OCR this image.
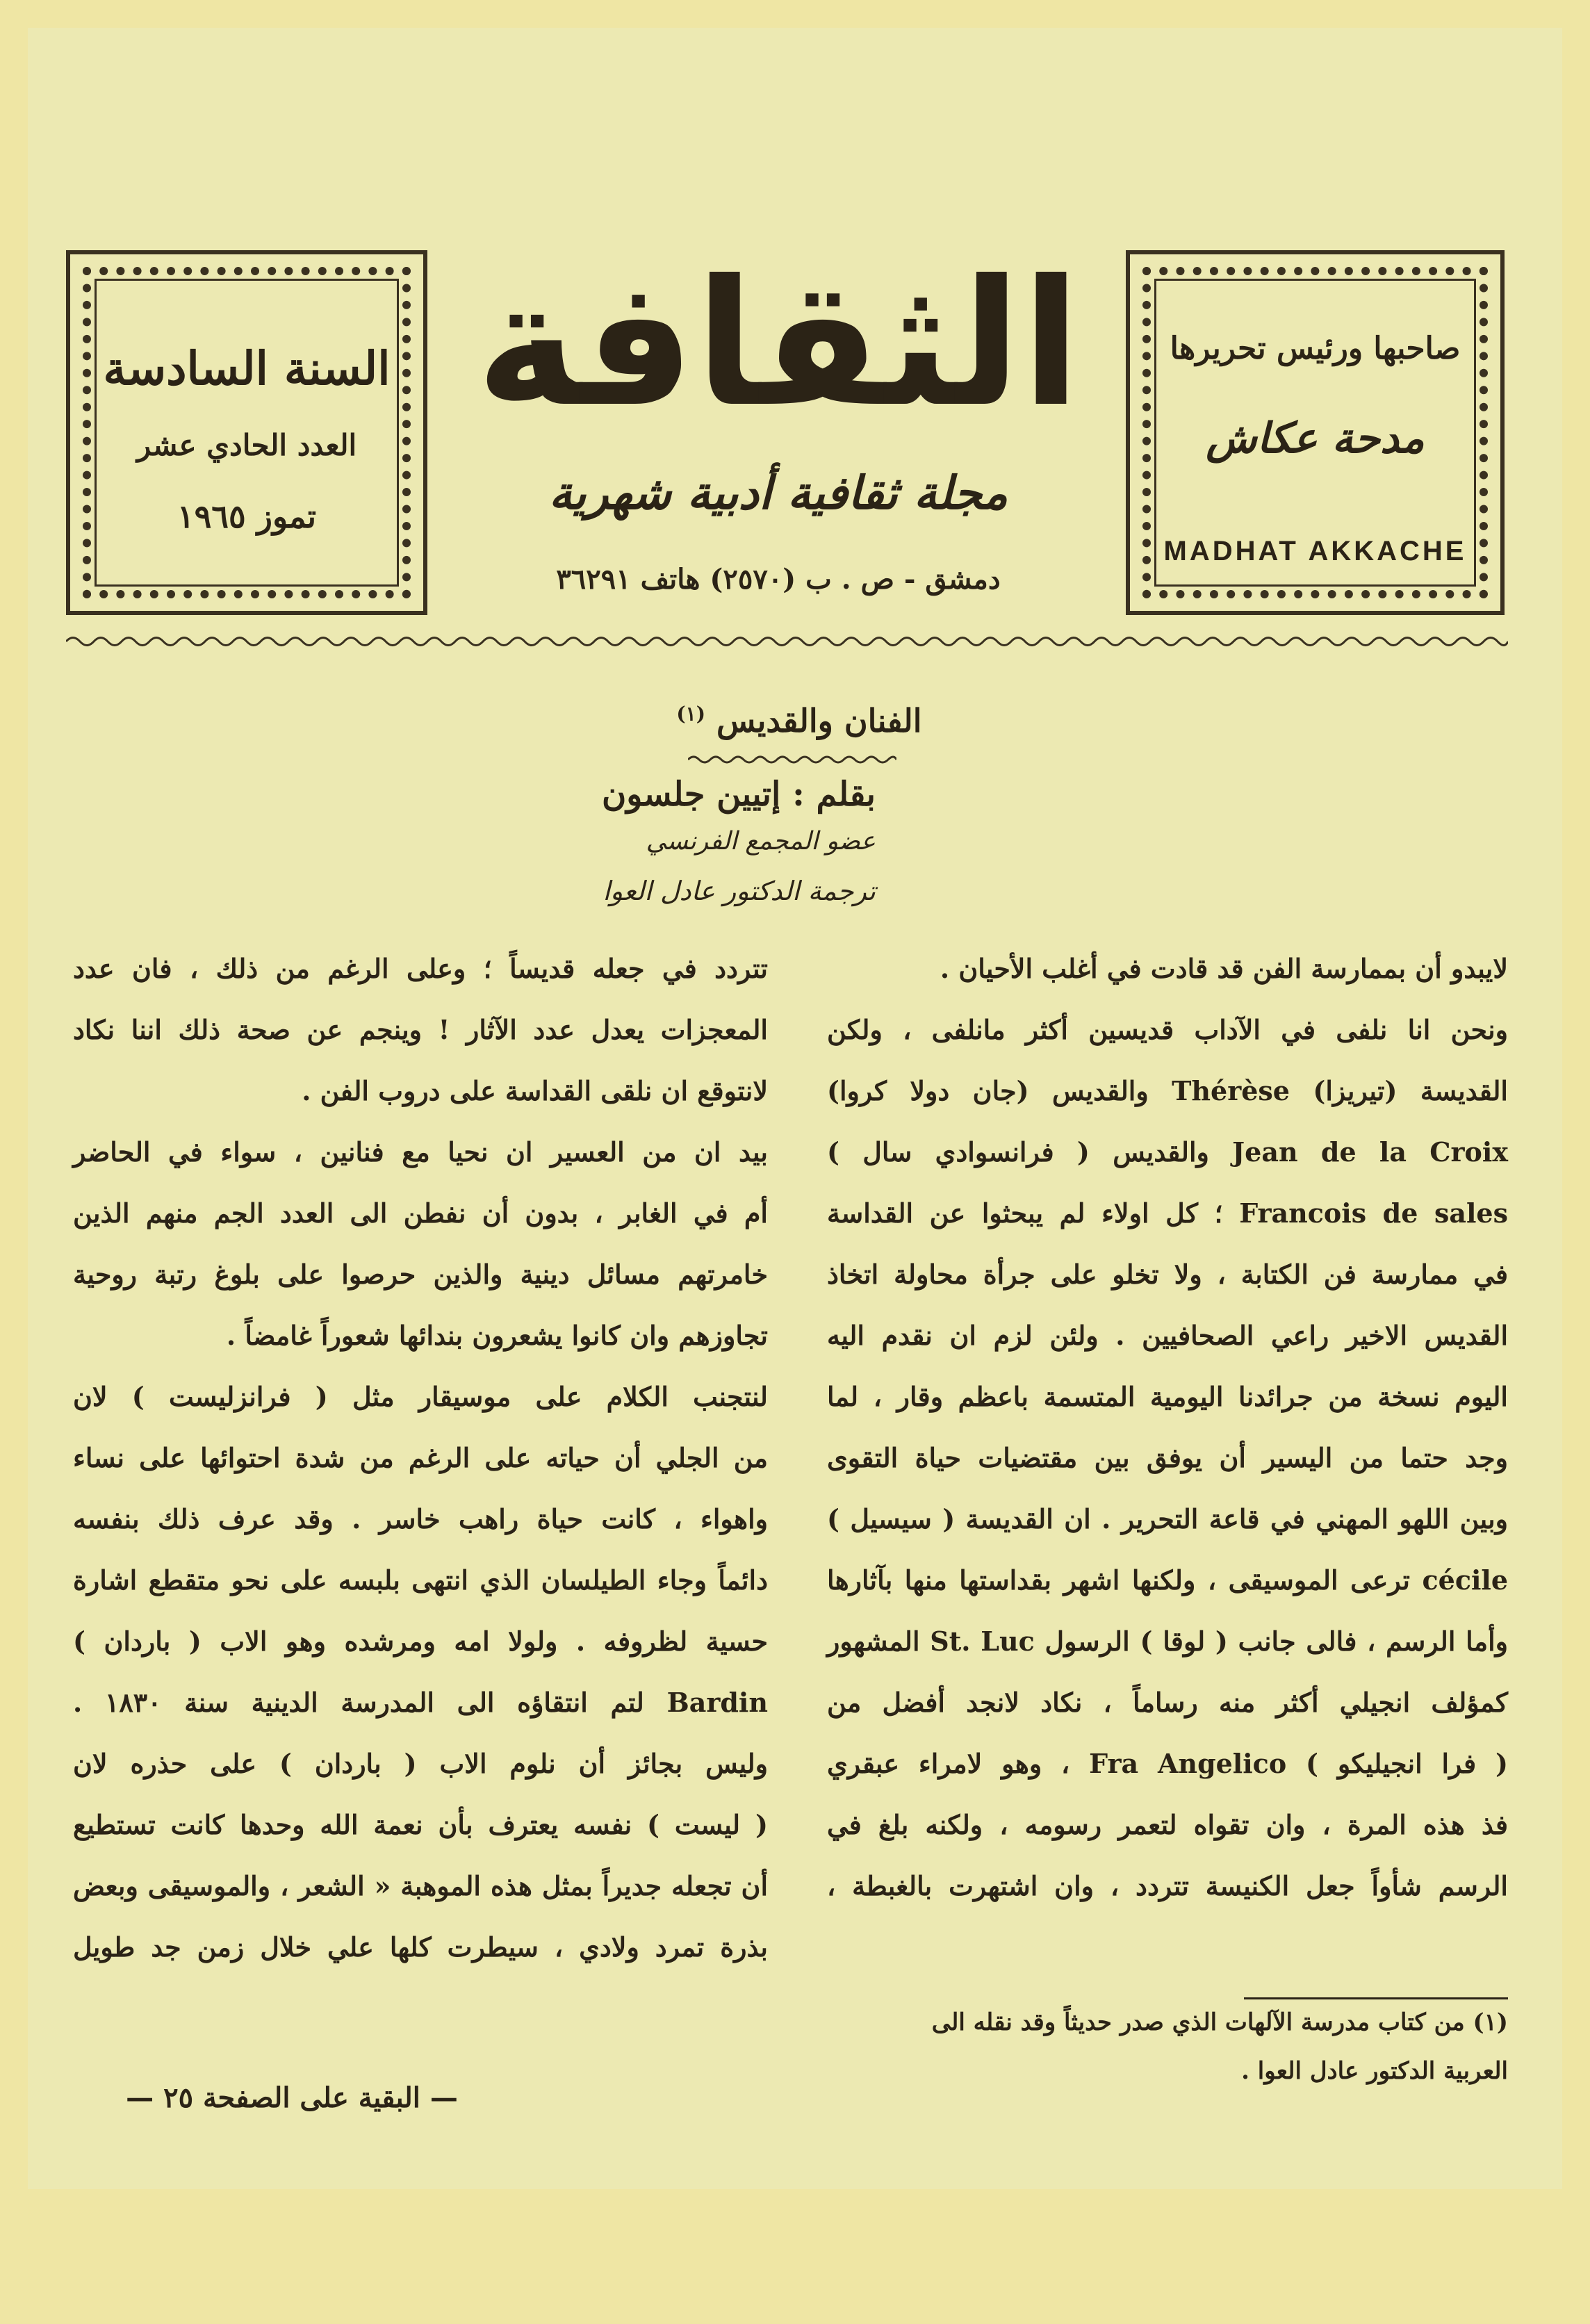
السنة السادسة
العدد الحادي عشر
تموز ١٩٦٥
الثقافة
مجلة ثقافية أدبية شهرية
دمشق - ص . ب (٢٥٧٠) هاتف ٣٦٢٩١
صاحبها ورئيس تحريرها
مدحة عكاش
MADHAT AKKACHE
الفنان والقديس $^{(١)}$
بقلم : إتيين جلسون
عضو المجمع الفرنسي
ترجمة الدكتور عادل العوا
لايبدو أن بممارسة الفن قد قادت في أغلب الأحيان .
ونحن انا نلفى في الآداب قديسين أكثر مانلفى ، ولكن
القديسة (تيريزا) Thérèse والقديس (جان دولا كروا)
Jean de la Croix والقديس ( فرانسوادي سال )
Francois de sales ؛ كل اولاء لم يبحثوا عن القداسة
في ممارسة فن الكتابة ، ولا تخلو على جرأة محاولة اتخاذ
القديس الاخير راعي الصحافيين . ولئن لزم ان نقدم اليه
اليوم نسخة من جرائدنا اليومية المتسمة باعظم وقار ، لما
وجد حتما من اليسير أن يوفق بين مقتضيات حياة التقوى
وبين اللهو المهني في قاعة التحرير . ان القديسة ( سيسيل )
cécile ترعى الموسيقى ، ولكنها اشهر بقداستها منها بآثارها
وأما الرسم ، فالى جانب ( لوقا ) الرسول St. Luc المشهور
كمؤلف انجيلي أكثر منه رساماً ، نكاد لانجد أفضل من
( فرا انجيليكو ) Fra Angelico ، وهو لامراء عبقري
فذ هذه المرة ، وان تقواه لتعمر رسومه ، ولكنه بلغ في
الرسم شأواً جعل الكنيسة تتردد ، وان اشتهرت بالغبطة ،
تتردد في جعله قديساً ؛ وعلى الرغم من ذلك ، فان عدد
المعجزات يعدل عدد الآثار ! وينجم عن صحة ذلك اننا نكاد
لانتوقع ان نلقى القداسة على دروب الفن .
بيد ان من العسير ان نحيا مع فنانين ، سواء في الحاضر
أم في الغابر ، بدون أن نفطن الى العدد الجم منهم الذين
خامرتهم مسائل دينية والذين حرصوا على بلوغ رتبة روحية
تجاوزهم وان كانوا يشعرون بندائها شعوراً غامضاً .
لنتجنب الكلام على موسيقار مثل ( فرانزليست ) لان
من الجلي أن حياته على الرغم من شدة احتوائها على نساء
واهواء ، كانت حياة راهب خاسر . وقد عرف ذلك بنفسه
دائماً وجاء الطيلسان الذي انتهى بلبسه على نحو متقطع اشارة
حسية لظروفه . ولولا امه ومرشده وهو الاب ( باردان )
Bardin لتم انتقاؤه الى المدرسة الدينية سنة ١٨٣٠ .
وليس بجائز أن نلوم الاب ( باردان ) على حذره لان
( ليست ) نفسه يعترف بأن نعمة الله وحدها كانت تستطيع
أن تجعله جديراً بمثل هذه الموهبة « الشعر ، والموسيقى وبعض
بذرة تمرد ولادي ، سيطرت كلها علي خلال زمن جد طويل
(١) من كتاب مدرسة الآلهات الذي صدر حديثاً وقد نقله الى
العربية الدكتور عادل العوا .
— البقية على الصفحة ٢٥ —
